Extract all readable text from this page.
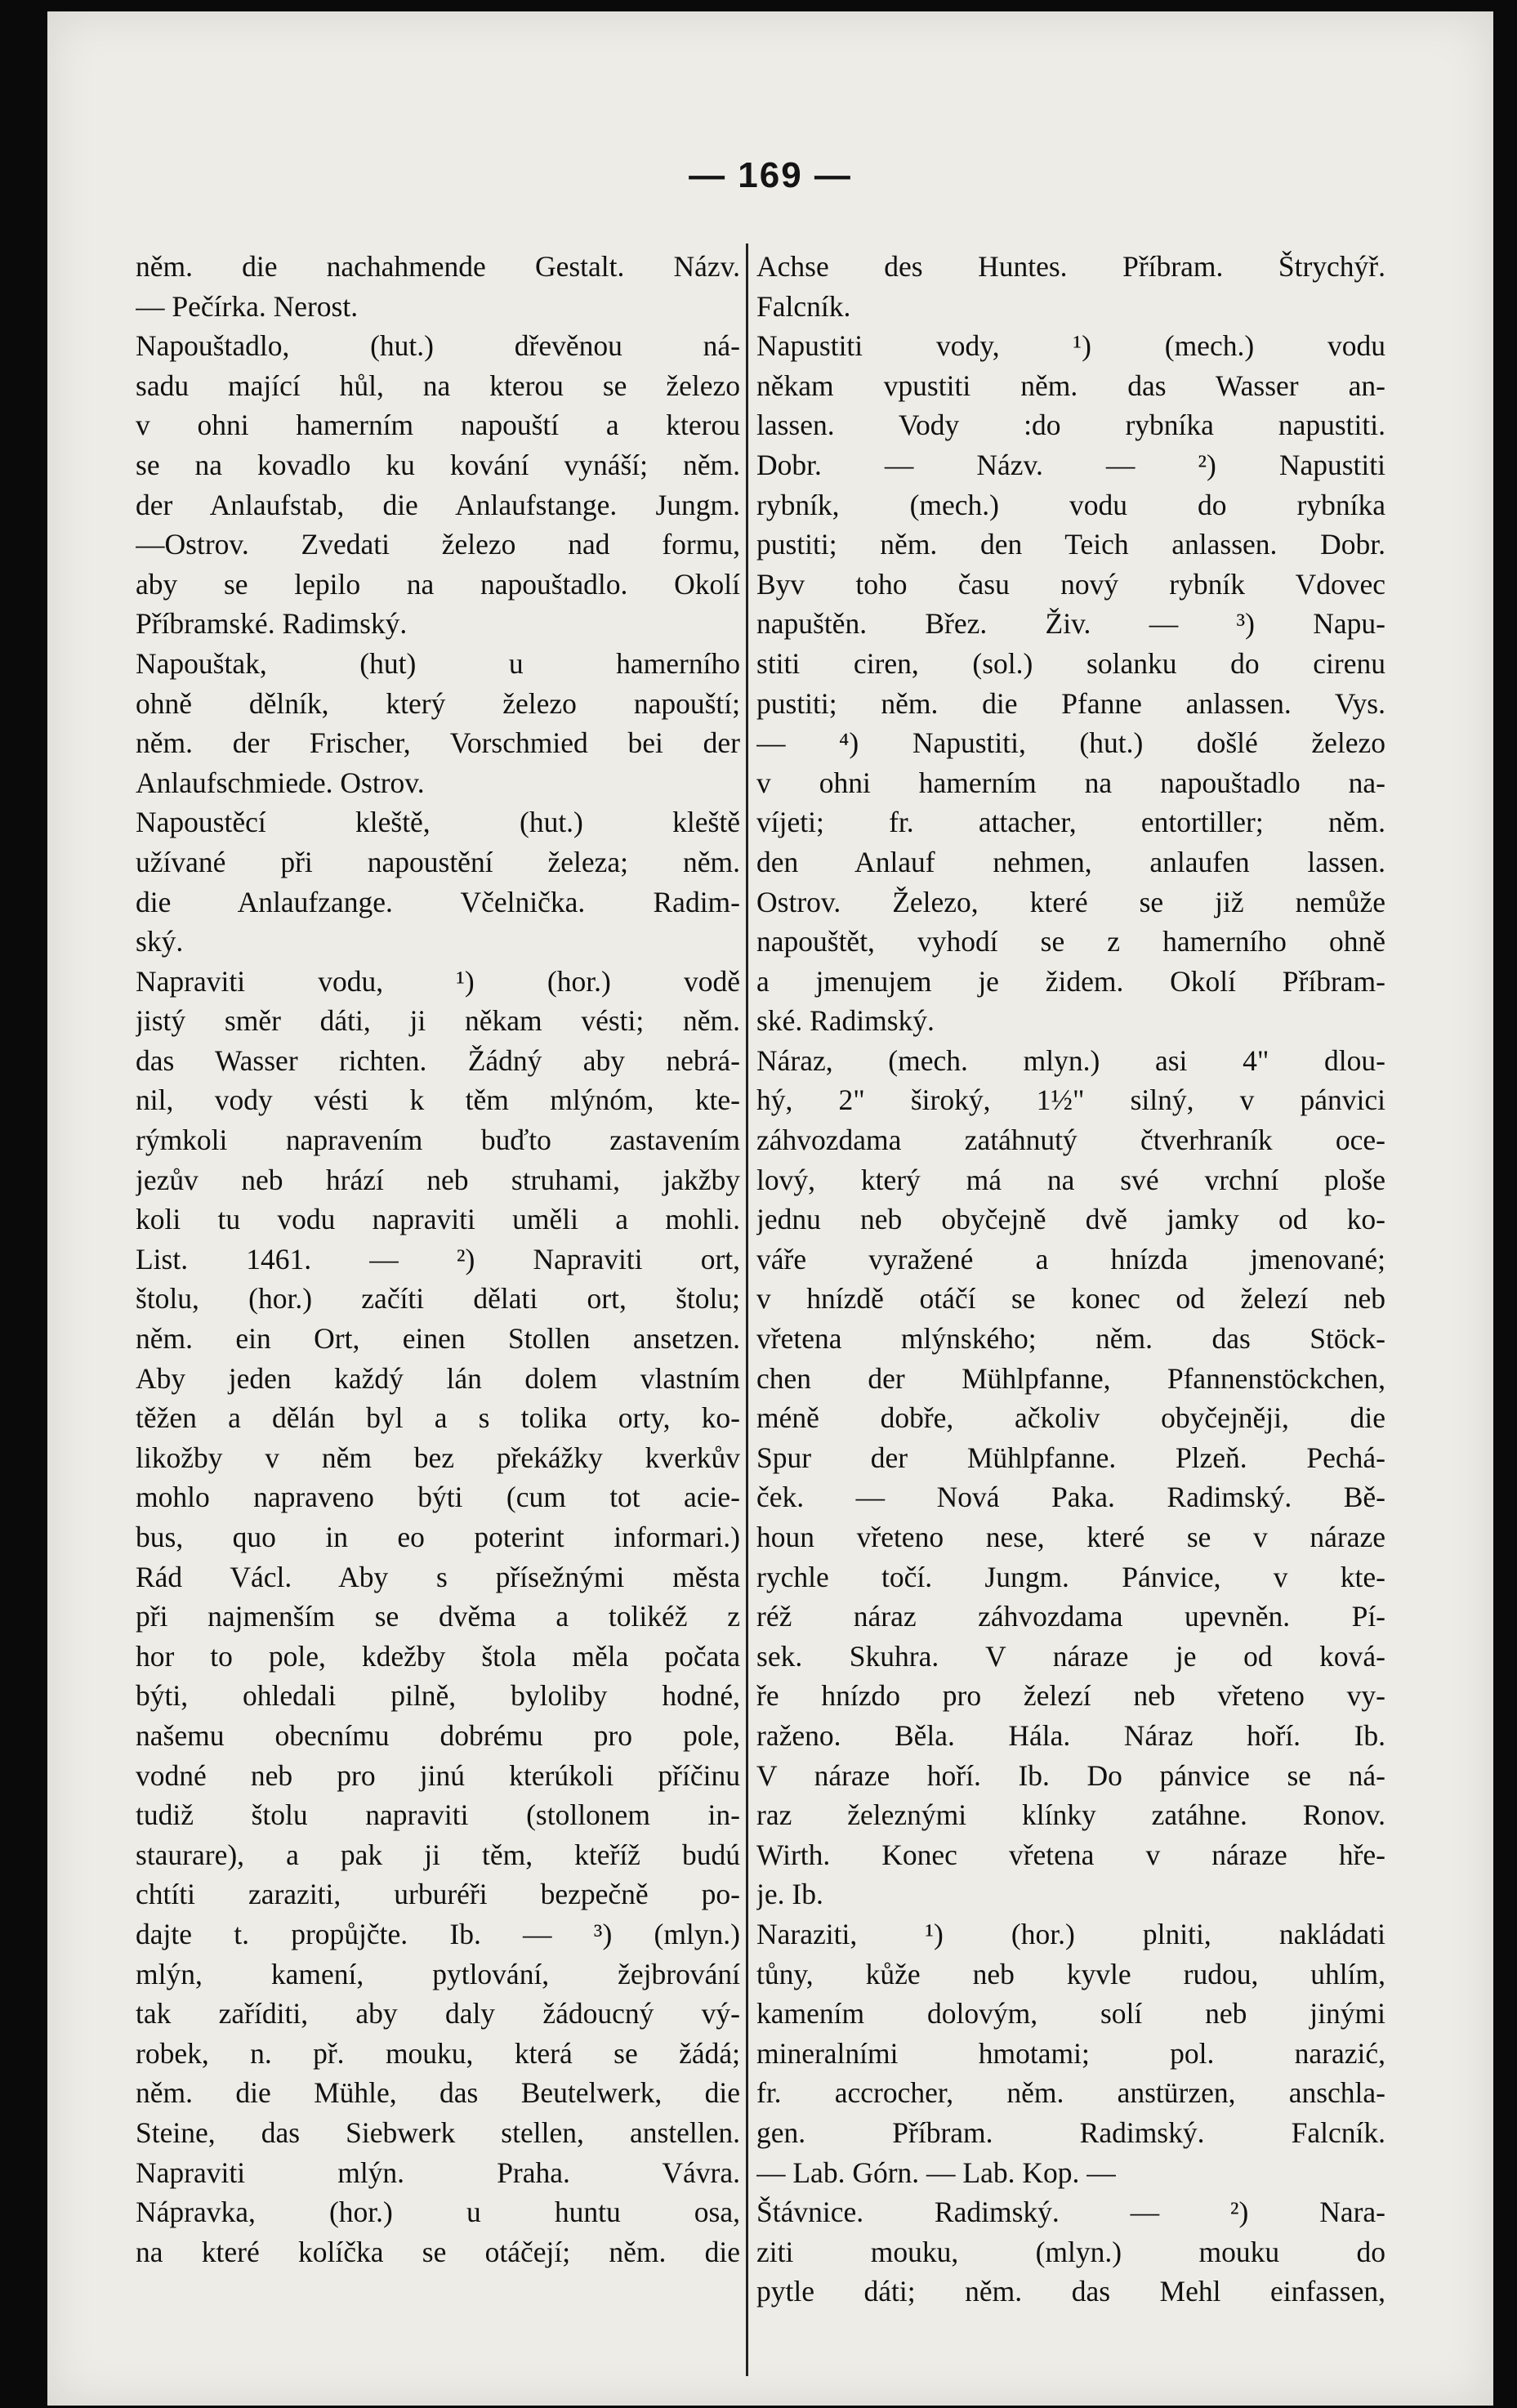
— 169 —
něm. die nachahmende Gestalt. Názv.
— Pečírka. Nerost.
Napouštadlo, (hut.) dřevěnou ná-
sadu mající hůl, na kterou se železo
v ohni hamerním napouští a kterou
se na kovadlo ku kování vynáší; něm.
der Anlaufstab, die Anlaufstange. Jungm.
—Ostrov. Zvedati železo nad formu,
aby se lepilo na napouštadlo. Okolí
Příbramské. Radimský.
Napouštak, (hut) u hamerního
ohně dělník, který železo napouští;
něm. der Frischer, Vorschmied bei der
Anlaufschmiede. Ostrov.
Napoustěcí kleště, (hut.) kleště
užívané při napoustění železa; něm.
die Anlaufzange. Včelnička. Radim-
ský.
Napraviti vodu, ¹) (hor.) vodě
jistý směr dáti, ji někam vésti; něm.
das Wasser richten. Žádný aby nebrá-
nil, vody vésti k těm mlýnóm, kte-
rýmkoli napravením buďto zastavením
jezův neb hrází neb struhami, jakžby
koli tu vodu napraviti uměli a mohli.
List. 1461. — ²) Napraviti ort,
štolu, (hor.) začíti dělati ort, štolu;
něm. ein Ort, einen Stollen ansetzen.
Aby jeden každý lán dolem vlastním
těžen a dělán byl a s tolika orty, ko-
likožby v něm bez překážky kverkův
mohlo napraveno býti (cum tot acie-
bus, quo in eo poterint informari.)
Rád Václ. Aby s přísežnými města
při najmenším se dvěma a tolikéž z
hor to pole, kdežby štola měla počata
býti, ohledali pilně, byloliby hodné,
našemu obecnímu dobrému pro pole,
vodné neb pro jinú kterúkoli příčinu
tudiž štolu napraviti (stollonem in-
staurare), a pak ji těm, kteříž budú
chtíti zaraziti, urburéři bezpečně po-
dajte t. propůjčte. Ib. — ³) (mlyn.)
mlýn, kamení, pytlování, žejbrování
tak zaříditi, aby daly žádoucný vý-
robek, n. př. mouku, která se žádá;
něm. die Mühle, das Beutelwerk, die
Steine, das Siebwerk stellen, anstellen.
Napraviti mlýn. Praha. Vávra.
Nápravka, (hor.) u huntu osa,
na které kolíčka se otáčejí; něm. die
Achse des Huntes. Příbram. Štrychýř.
Falcník.
Napustiti vody, ¹) (mech.) vodu
někam vpustiti něm. das Wasser an-
lassen. Vody :do rybníka napustiti.
Dobr. — Názv. — ²) Napustiti
rybník, (mech.) vodu do rybníka
pustiti; něm. den Teich anlassen. Dobr.
Byv toho času nový rybník Vdovec
napuštěn. Břez. Živ. — ³) Napu-
stiti ciren, (sol.) solanku do cirenu
pustiti; něm. die Pfanne anlassen. Vys.
— ⁴) Napustiti, (hut.) došlé železo
v ohni hamerním na napouštadlo na-
víjeti; fr. attacher, entortiller; něm.
den Anlauf nehmen, anlaufen lassen.
Ostrov. Železo, které se již nemůže
napouštět, vyhodí se z hamerního ohně
a jmenujem je židem. Okolí Příbram-
ské. Radimský.
Náraz, (mech. mlyn.) asi 4" dlou-
hý, 2" široký, 1½" silný, v pánvici
záhvozdama zatáhnutý čtverhraník oce-
lový, který má na své vrchní ploše
jednu neb obyčejně dvě jamky od ko-
váře vyražené a hnízda jmenované;
v hnízdě otáčí se konec od železí neb
vřetena mlýnského; něm. das Stöck-
chen der Mühlpfanne, Pfannenstöckchen,
méně dobře, ačkoliv obyčejněji, die
Spur der Mühlpfanne. Plzeň. Pechá-
ček. — Nová Paka. Radimský. Bě-
houn vřeteno nese, které se v náraze
rychle točí. Jungm. Pánvice, v kte-
réž náraz záhvozdama upevněn. Pí-
sek. Skuhra. V náraze je od ková-
ře hnízdo pro železí neb vřeteno vy-
raženo. Běla. Hála. Náraz hoří. Ib.
V náraze hoří. Ib. Do pánvice se ná-
raz železnými klínky zatáhne. Ronov.
Wirth. Konec vřetena v náraze hře-
je. Ib.
Naraziti, ¹) (hor.) plniti, nakládati
tůny, kůže neb kyvle rudou, uhlím,
kamením dolovým, solí neb jinými
mineralními hmotami; pol. narazić,
fr. accrocher, něm. anstürzen, anschla-
gen. Příbram. Radimský. Falcník.
— Lab. Górn. — Lab. Kop. —
Štávnice. Radimský. — ²) Nara-
ziti mouku, (mlyn.) mouku do
pytle dáti; něm. das Mehl einfassen,
